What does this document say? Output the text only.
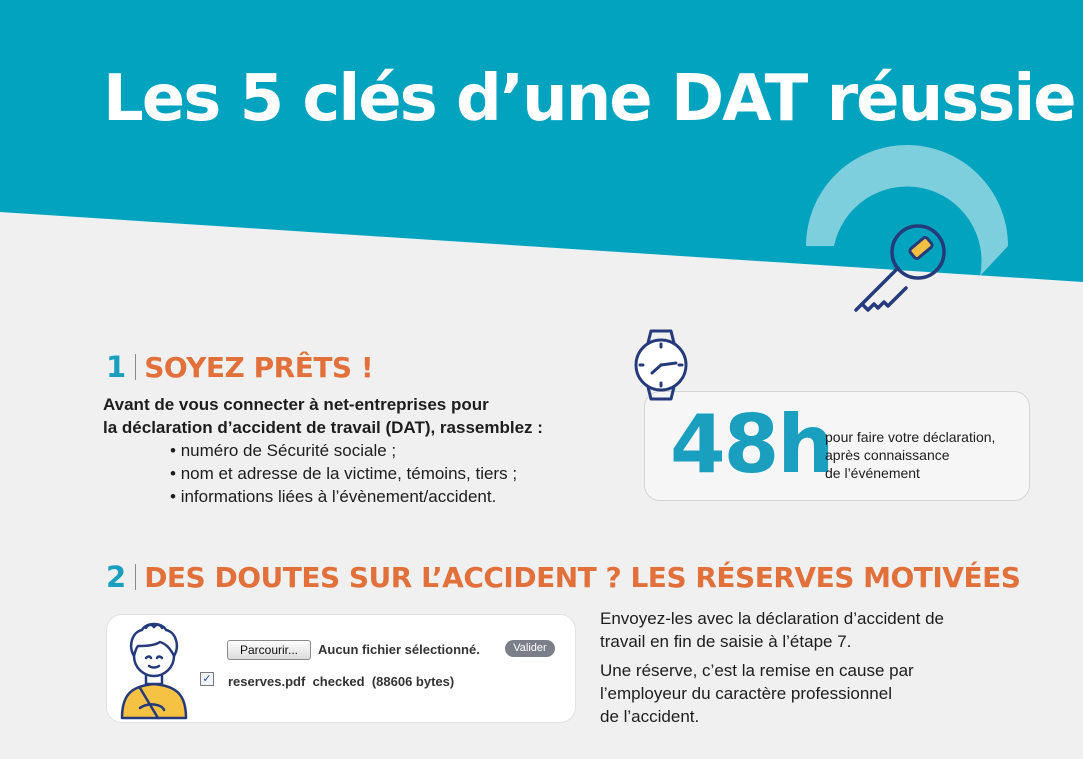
Les 5 clés d’une DAT réussie
1 SOYEZ PRÊTS !
Avant de vous connecter à net-entreprises pour
la déclaration d’accident de travail (DAT), rassemblez :
• numéro de Sécurité sociale ;
• nom et adresse de la victime, témoins, tiers ;
• informations liées à l’évènement/accident.
48h
pour faire votre déclaration,
après connaissance
de l’événement
2 DES DOUTES SUR L’ACCIDENT ? LES RÉSERVES MOTIVÉES
Parcourir...	Aucun fichier sélectionné.	Valider
✓ reserves.pdf checked (88606 bytes)

Envoyez-les avec la déclaration d’accident de
travail en fin de saisie à l’étape 7.

Une réserve, c’est la remise en cause par
l’employeur du caractère professionnel
de l’accident.
